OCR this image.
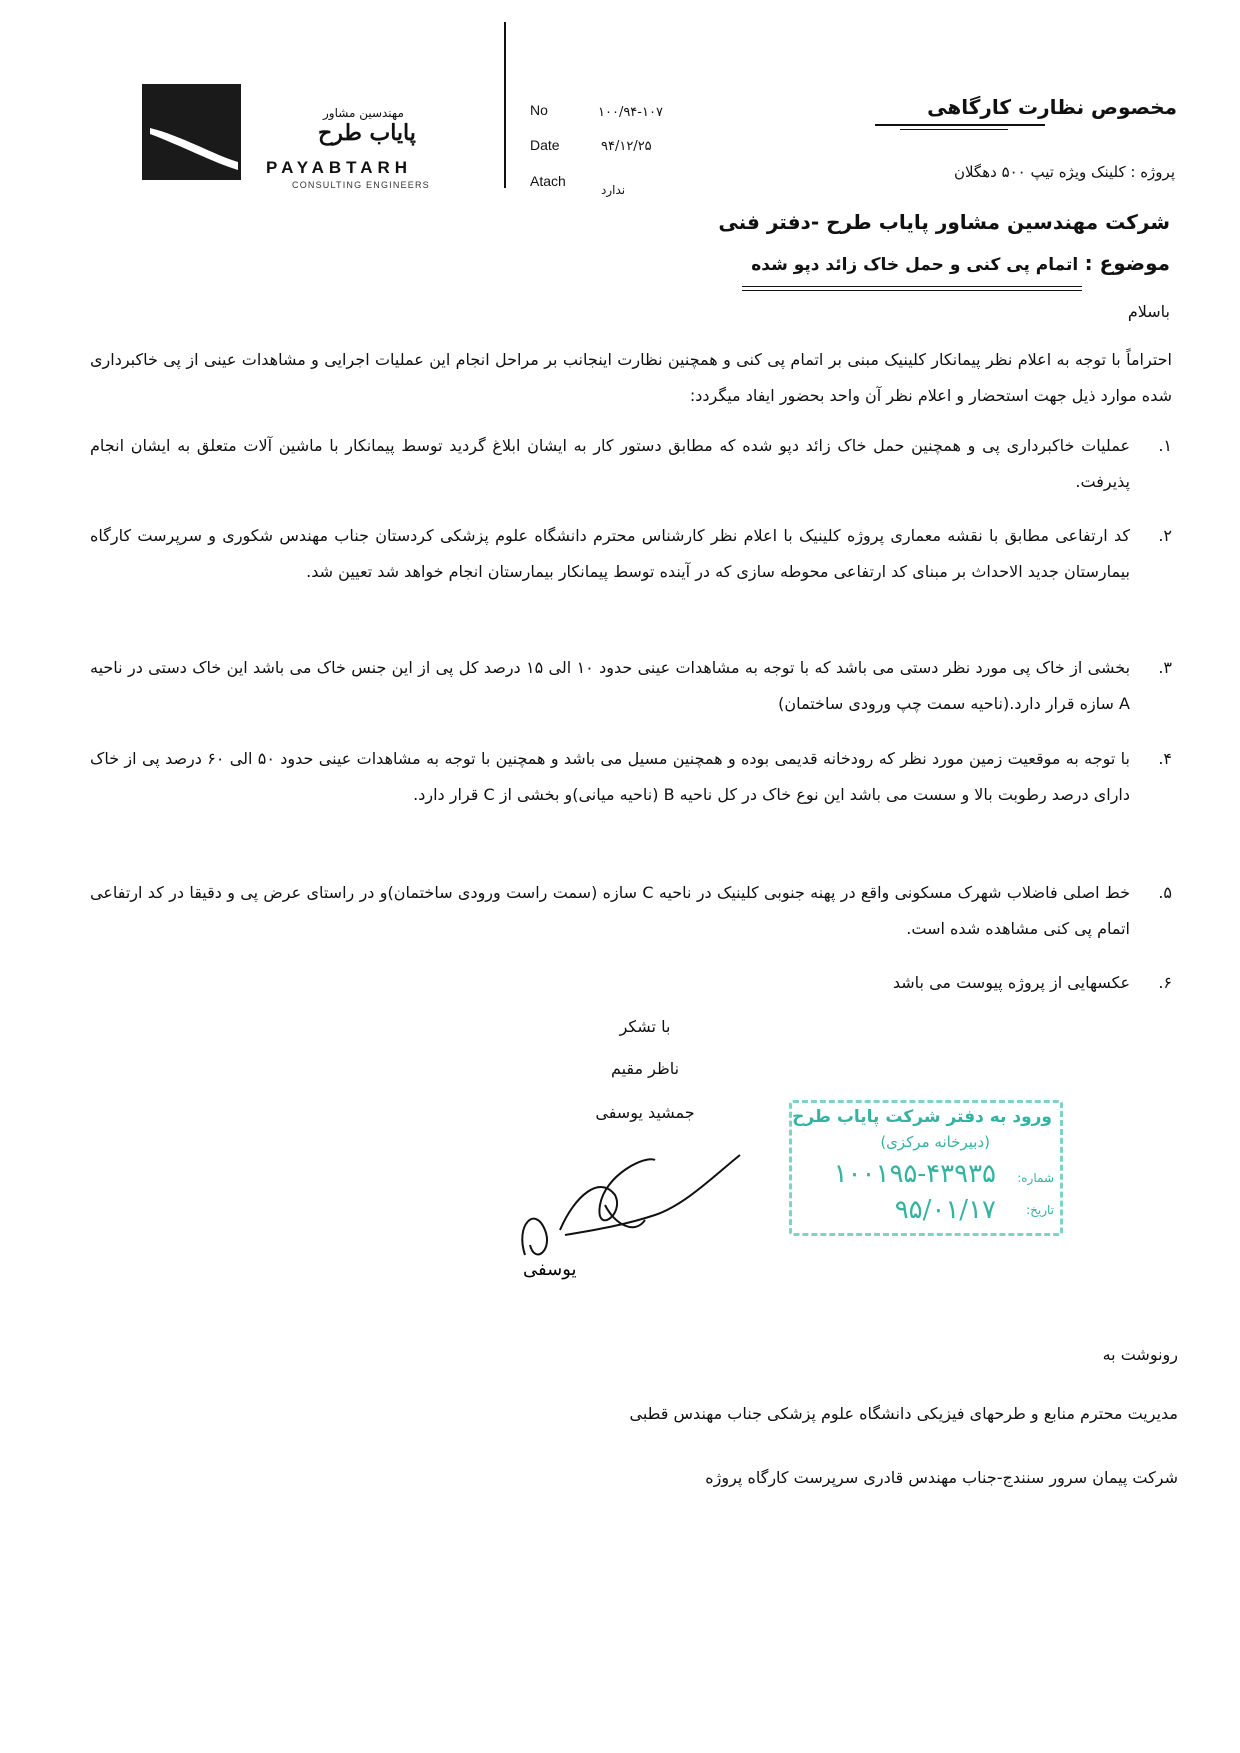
مهندسین مشاور
پایاب طرح
PAYABTARH
CONSULTING ENGINEERS
No	۱۰۰/۹۴-۱۰۷
Date	۹۴/۱۲/۲۵
Atach
ندارد
مخصوص نظارت کارگاهی
پروژه : کلینک ویژه تیپ ۵۰۰ دهگلان
شرکت مهندسین مشاور پایاب طرح -دفتر فنی
موضوع : اتمام پی کنی و حمل خاک زائد دپو شده
باسلام
احتراماً با توجه به اعلام نظر پیمانکار کلینیک مبنی بر اتمام پی کنی و همچنین نظارت اینجانب بر مراحل انجام این عملیات اجرایی و مشاهدات عینی از پی خاکبرداری شده موارد ذیل جهت استحضار و اعلام نظر آن واحد بحضور ایفاد میگردد:
۱.
عملیات خاکبرداری پی و همچنین حمل خاک زائد دپو شده که مطابق دستور کار به ایشان ابلاغ گردید توسط پیمانکار با ماشین آلات متعلق به ایشان انجام پذیرفت.
۲.
کد ارتفاعی مطابق با نقشه معماری پروژه کلینیک با اعلام نظر کارشناس محترم دانشگاه علوم پزشکی کردستان جناب مهندس شکوری و سرپرست کارگاه بیمارستان جدید الاحداث بر مبنای کد ارتفاعی محوطه سازی که در آینده توسط پیمانکار بیمارستان انجام خواهد شد تعیین شد.
۳.
بخشی از خاک پی مورد نظر دستی می باشد که با توجه به مشاهدات عینی حدود ۱۰ الی ۱۵ درصد کل پی از این جنس خاک می باشد این خاک دستی در ناحیه A سازه قرار دارد.(ناحیه سمت چپ ورودی ساختمان)
۴.
با توجه به موقعیت زمین مورد نظر که رودخانه قدیمی بوده و همچنین مسیل می باشد و همچنین با توجه به مشاهدات عینی حدود ۵۰ الی ۶۰ درصد پی از خاک دارای درصد رطوبت بالا و سست می باشد این نوع خاک در کل ناحیه B (ناحیه میانی)و بخشی از C قرار دارد.
۵.
خط اصلی فاضلاب شهرک مسکونی واقع در پهنه جنوبی کلینیک در ناحیه C سازه (سمت راست ورودی ساختمان)و در راستای عرض پی و دقیقا در کد ارتفاعی اتمام پی کنی مشاهده شده است.
۶.
عکسهایی از پروژه پیوست می باشد
با تشکر
ناظر مقیم
جمشید یوسفی
یوسفی
ورود به دفتر شرکت پایاب طرح
(دبیرخانه مرکزی)
شماره:
۱۰۰۱۹۵-۴۳۹۳۵
تاریخ:
۹۵/۰۱/۱۷
رونوشت به
مدیریت محترم منابع و طرحهای فیزیکی دانشگاه علوم پزشکی جناب مهندس قطبی
شرکت پیمان سرور سنندج-جناب مهندس قادری سرپرست کارگاه پروژه
